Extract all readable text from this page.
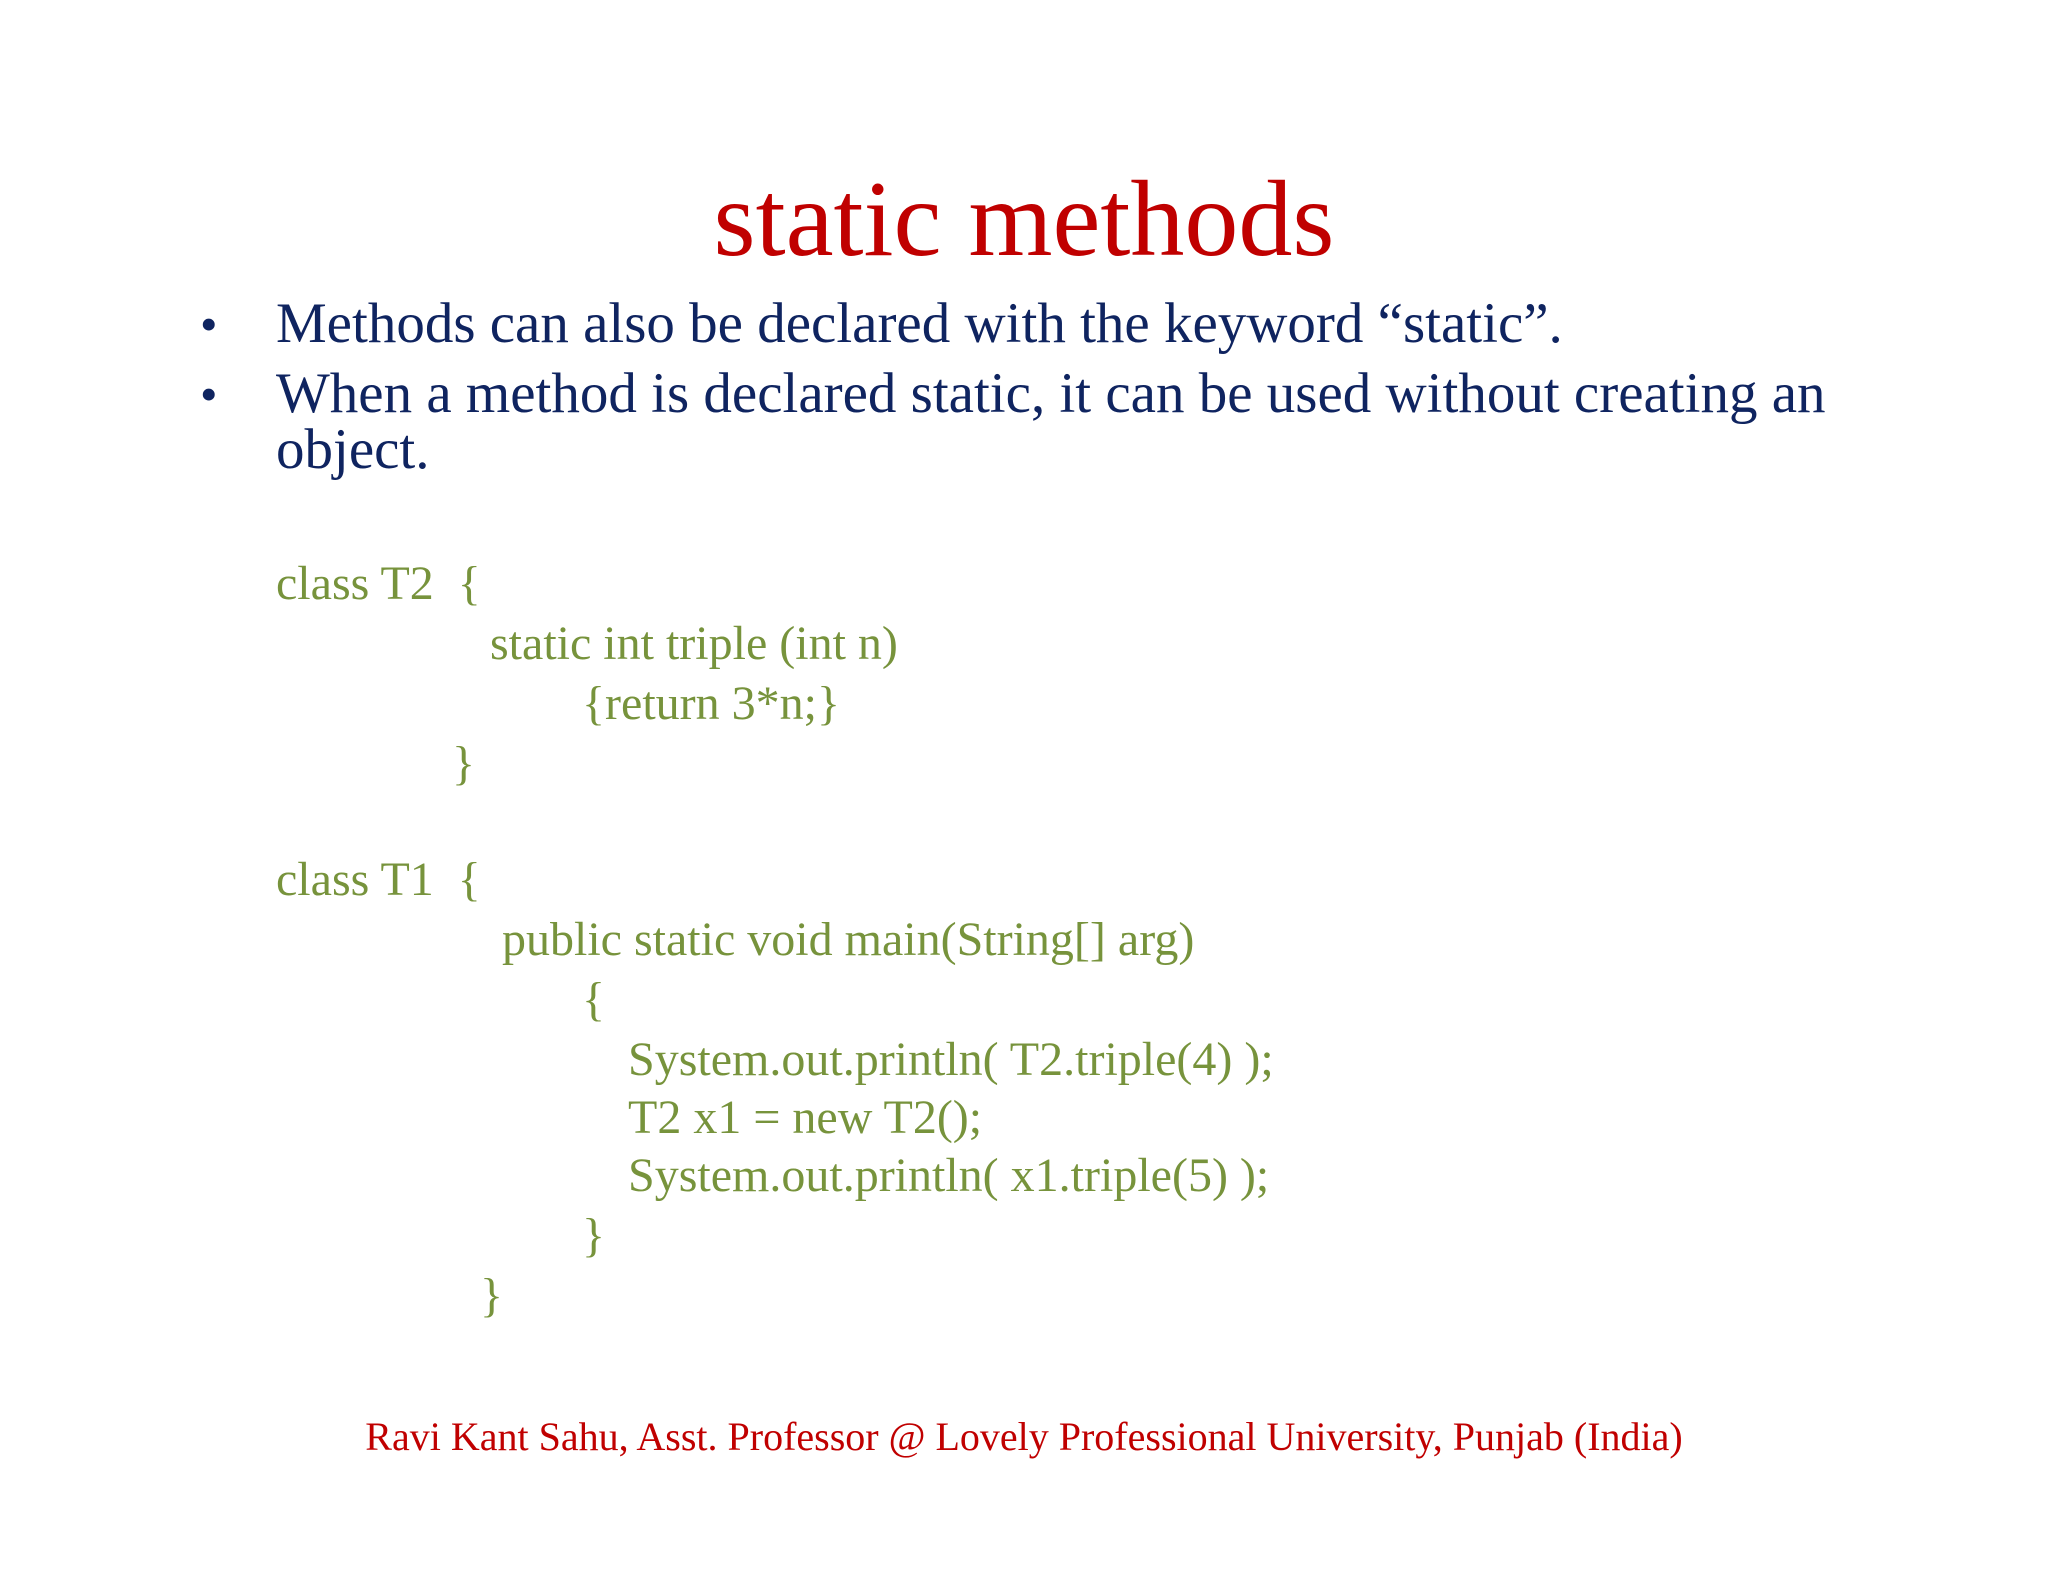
static methods
•	Methods can also be declared with the keyword “static”.
•	When a method is declared static, it can be used without creating an object.
class T2  {
static int triple (int n)
{return 3*n;}
}
class T1  {
public static void main(String[] arg)
{
System.out.println( T2.triple(4) );
T2 x1 = new T2();
System.out.println( x1.triple(5) );
}
}
Ravi Kant Sahu, Asst. Professor @ Lovely Professional University, Punjab (India)
